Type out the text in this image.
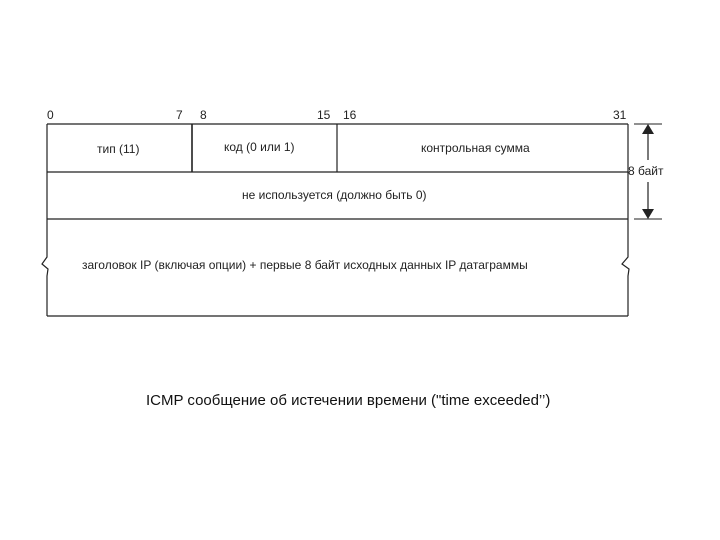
0	7 8	15 16	31
тип (11)	код (0 или 1)	контрольная сумма
не используется (должно быть 0)
заголовок IP (включая опции) + первые 8 байт исходных данных IP датаграммы
8 байт
ICMP сообщение об истечении времени ("time exceeded’’)
